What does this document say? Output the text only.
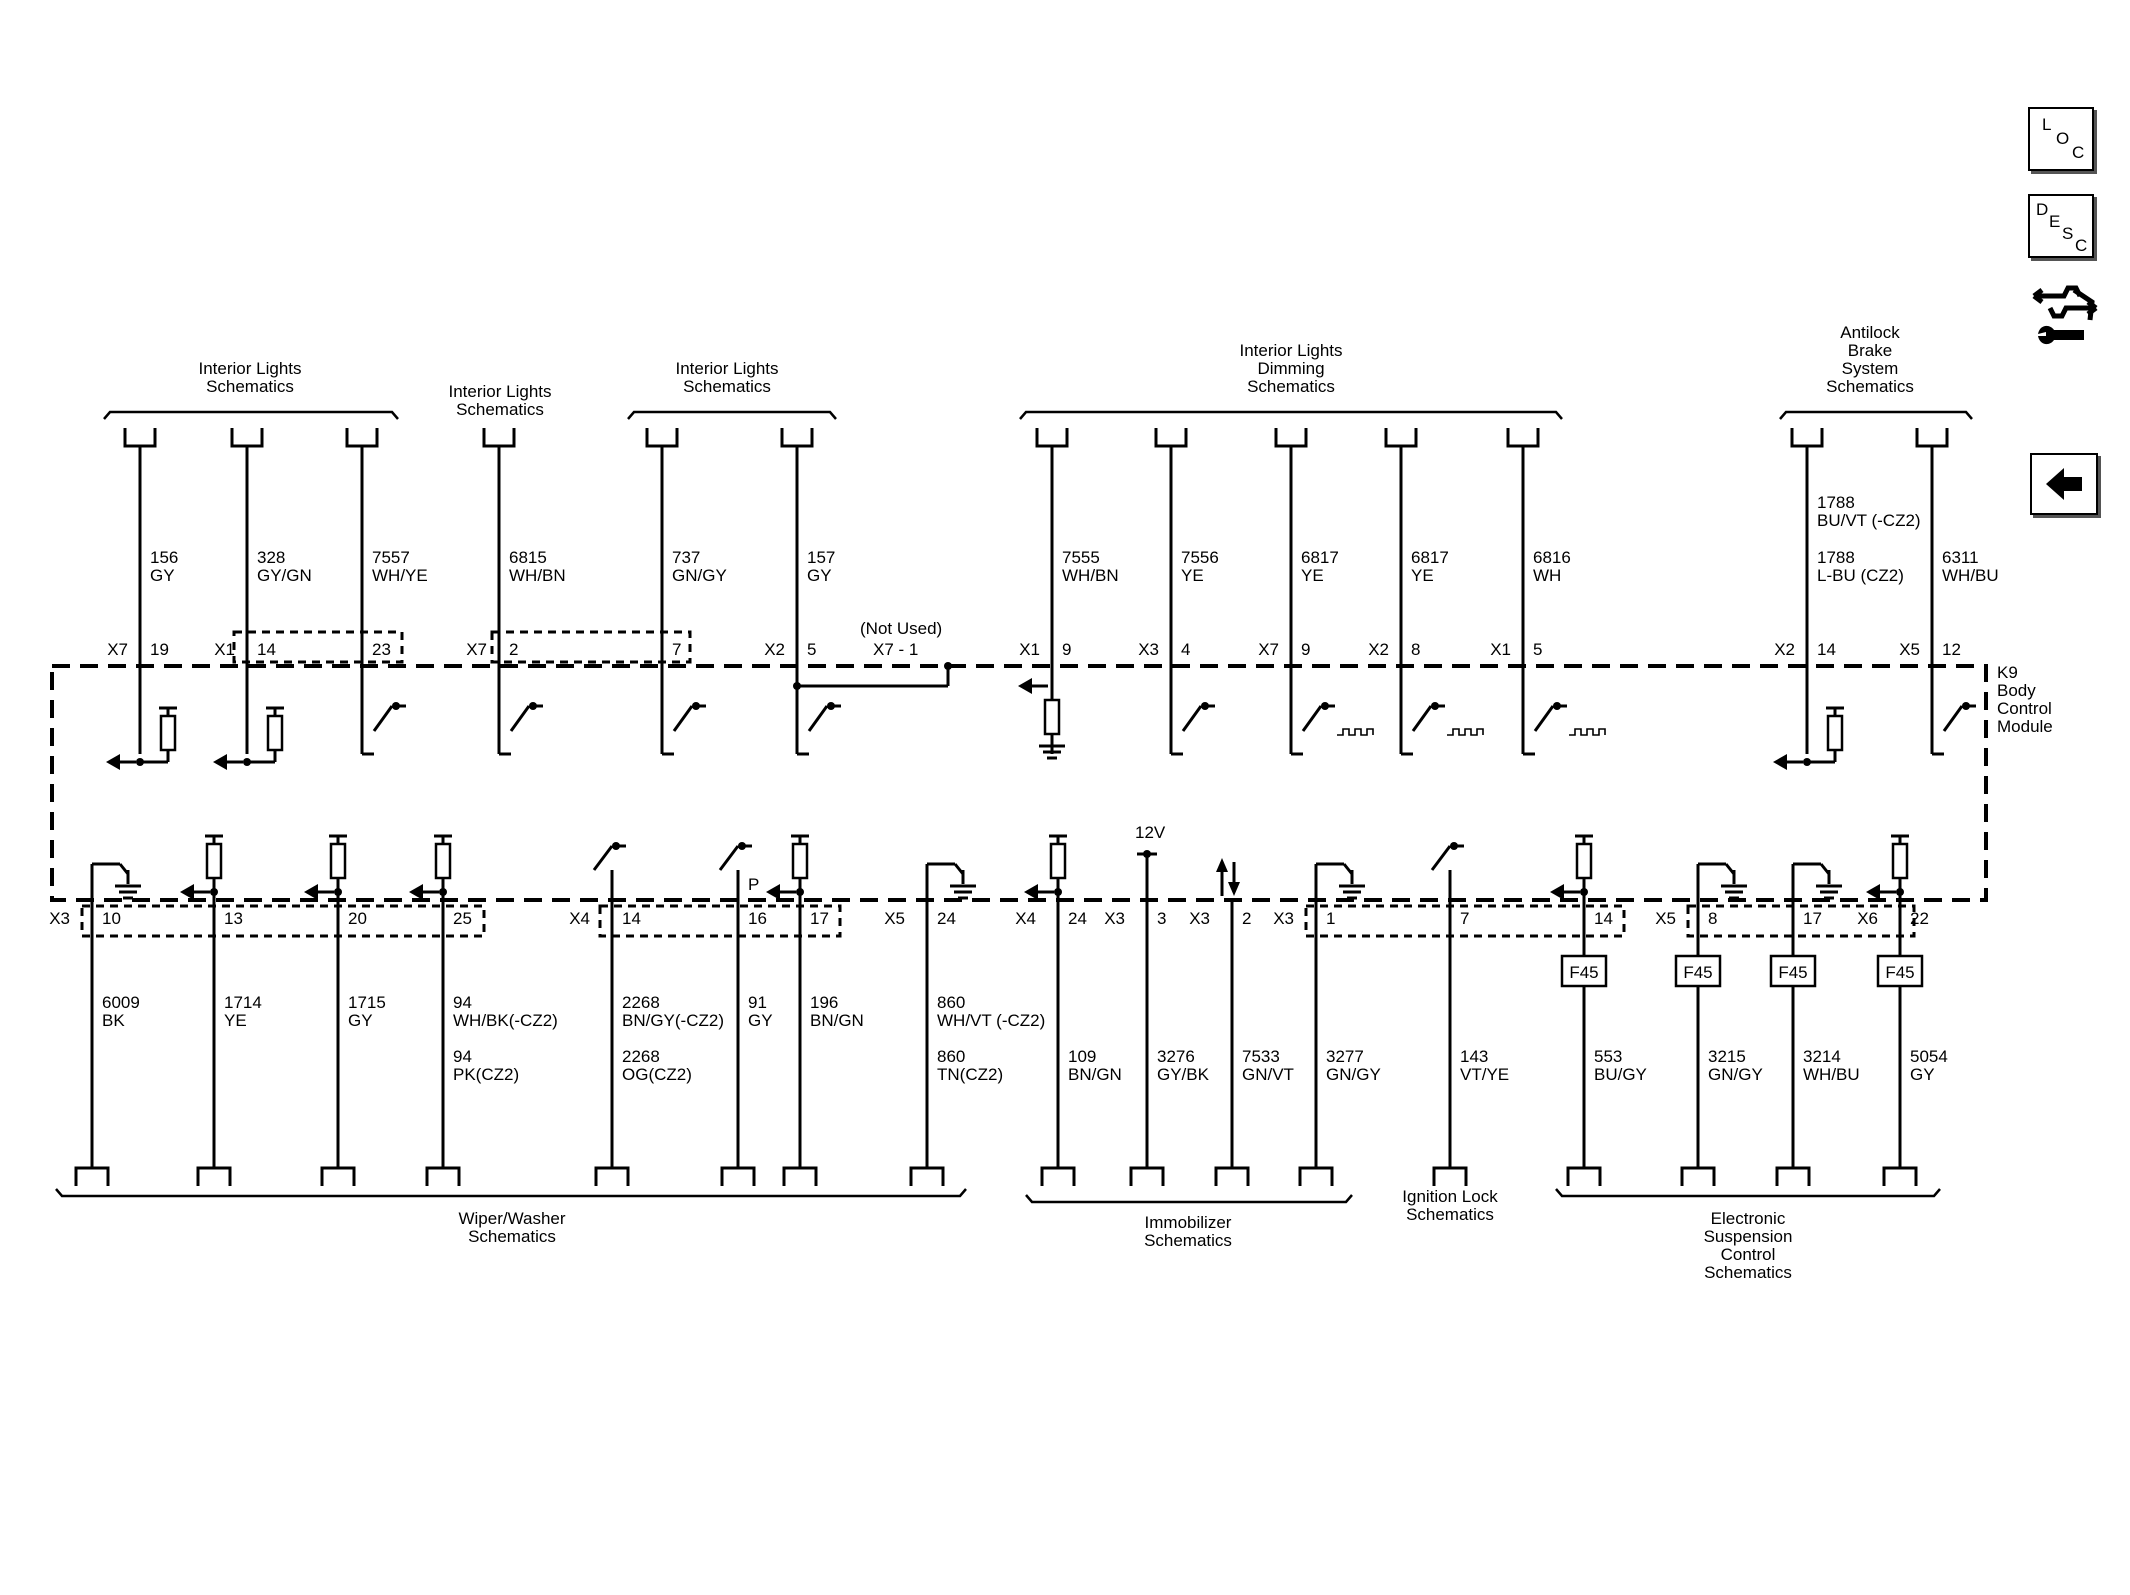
156
GY
X7 19
328
GY/GN
X1 14
7557
WH/YE
23
6815
WH/BN
X7 2
737
GN/GY
7
157
GY
X2 5	X7 - 1
7555
WH/BN
X1 9
7556
YE
X3 4
6817
YE
X7 9
6817
YE
X2 8
6816
WH
X1 5
1788
BU/VT (-CZ2)
1788
L-BU (CZ2)
X2 14
6311
WH/BU
X5 12
X3 10
6009
BK
13
1714
YE
20
1715
GY
25
94
WH/BK(-CZ2)
94
PK(CZ2)
X4 14
2268
BN/GY(-CZ2)
2268
OG(CZ2)
16
91
GY
17
196
BN/GN
X5 24
860
WH/VT (-CZ2)
860
TN(CZ2)
X4 24
109
BN/GN
X3 3
3276
GY/BK
X3 2
7533
GN/VT
X3 1
3277
GN/GY
7
143
VT/YE
14
553
BU/GY
X5 8
3215
GN/GY
17
3214
WH/BU
X6 22
5054
GY
F45	F45	F45	F45
Interior Lights
Schematics	Interior Lights
Schematics
Interior Lights
Schematics
Interior Lights
Dimming
Schematics
Antilock
Brake
System
Schematics
Wiper/Washer
Schematics
Immobilizer
Schematics
Ignition Lock
Schematics	Electronic
Suspension
Control
Schematics
K9
Body
Control
Module
(Not Used)
12V
P
L
O
C
D
E
S
C
